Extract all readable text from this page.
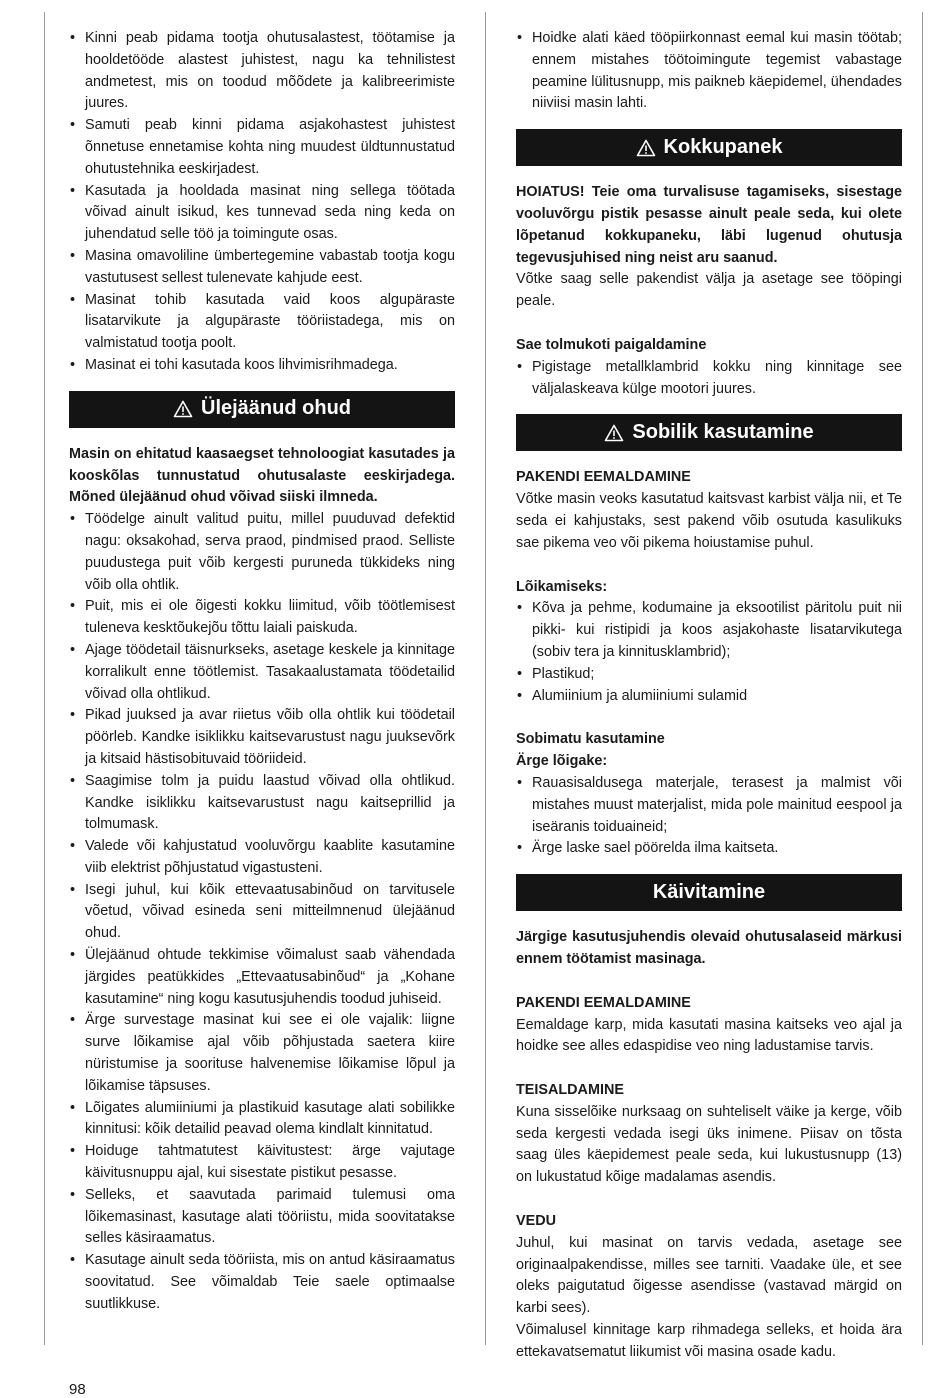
• Kinni peab pidama tootja ohutusalastest, töötamise ja hooldetööde alastest juhistest, nagu ka tehnilistest andmetest, mis on toodud mõõdete ja kalibreerimiste juures.
• Samuti peab kinni pidama asjakohastest juhistest õnnetuse ennetamise kohta ning muudest üldtunnustatud ohutustehnika eeskirjadest.
• Kasutada ja hooldada masinat ning sellega töötada võivad ainult isikud, kes tunnevad seda ning keda on juhendatud selle töö ja toimingute osas.
• Masina omavoliline ümbertegemine vabastab tootja kogu vastutusest sellest tulenevate kahjude eest.
• Masinat tohib kasutada vaid koos algupäraste lisatarvikute ja algupäraste tööriistadega, mis on valmistatud tootja poolt.
• Masinat ei tohi kasutada koos lihvimisrihmadega.
Ülejäänud ohud

Masin on ehitatud kaasaegset tehnoloogiat kasutades ja kooskõlas tunnustatud ohutusalaste eeskirjadega. Mõned ülejäänud ohud võivad siiski ilmneda.

• Töödelge ainult valitud puitu, millel puuduvad defektid nagu: oksakohad, serva praod, pindmised praod. Selliste puudustega puit võib kergesti puruneda tükkideks ning võib olla ohtlik.
• Puit, mis ei ole õigesti kokku liimitud, võib töötlemisest tuleneva kesktõukejõu tõttu laiali paiskuda.
• Ajage töödetail täisnurkseks, asetage keskele ja kinnitage korralikult enne töötlemist. Tasakaalustamata töödetailid võivad olla ohtlikud.
• Pikad juuksed ja avar riietus võib olla ohtlik kui töödetail pöörleb. Kandke isiklikku kaitsevarustust nagu juuksevõrk ja kitsaid hästisobituvaid tööriideid.
• Saagimise tolm ja puidu laastud võivad olla ohtlikud. Kandke isiklikku kaitsevarustust nagu kaitseprillid ja tolmumask.
• Valede või kahjustatud vooluvõrgu kaablite kasutamine viib elektrist põhjustatud vigastusteni.
• Isegi juhul, kui kõik ettevaatusabinõud on tarvitusele võetud, võivad esineda seni mitteilmnenud ülejäänud ohud.
• Ülejäänud ohtude tekkimise võimalust saab vähendada järgides peatükkides „Ettevaatusabinõud“ ja „Kohane kasutamine“ ning kogu kasutusjuhendis toodud juhiseid.
• Ärge survestage masinat kui see ei ole vajalik: liigne surve lõikamise ajal võib põhjustada saetera kiire nüristumise ja soorituse halvenemise lõikamise lõpul ja lõikamise täpsuses.
• Lõigates alumiiniumi ja plastikuid kasutage alati sobilikke kinnitusi: kõik detailid peavad olema kindlalt kinnitatud.
• Hoiduge tahtmatutest käivitustest: ärge vajutage käivitusnuppu ajal, kui sisestate pistikut pesasse.
• Selleks, et saavutada parimaid tulemusi oma lõikemasinast, kasutage alati tööriistu, mida soovitatakse selles käsiraamatus.
• Kasutage ainult seda tööriista, mis on antud käsiraamatus soovitatud. See võimaldab Teie saele optimaalse suutlikkuse.
• Hoidke alati käed tööpiirkonnast eemal kui masin töötab; ennem mistahes töötoimingute tegemist vabastage peamine lülitusnupp, mis paikneb käepidemel, ühendades niiviisi masin lahti.
Kokkupanek

HOIATUS! Teie oma turvalisuse tagamiseks, sisestage vooluvõrgu pistik pesasse ainult peale seda, kui olete lõpetanud kokkupaneku, läbi lugenud ohutusja tegevusjuhised ning neist aru saanud.

Võtke saag selle pakendist välja ja asetage see tööpingi peale.

Sae tolmukoti paigaldamine

• Pigistage metallklambrid kokku ning kinnitage see väljalaskeava külge mootori juures.
Sobilik kasutamine

PAKENDI EEMALDAMINE

Võtke masin veoks kasutatud kaitsvast karbist välja nii, et Te seda ei kahjustaks, sest pakend võib osutuda kasulikuks sae pikema veo või pikema hoiustamise puhul.

Lõikamiseks:

• Kõva ja pehme, kodumaine ja eksootilist päritolu puit nii pikki- kui ristipidi ja koos asjakohaste lisatarvikutega (sobiv tera ja kinnitusklambrid);
• Plastikud;
• Alumiinium ja alumiiniumi sulamid

Sobimatu kasutamine

Ärge lõigake:

• Rauasisaldusega materjale, terasest ja malmist või mistahes muust materjalist, mida pole mainitud eespool ja iseäranis toiduaineid;
• Ärge laske sael pöörelda ilma kaitseta.
Käivitamine

Järgige kasutusjuhendis olevaid ohutusalaseid märkusi ennem töötamist masinaga.

PAKENDI EEMALDAMINE

Eemaldage karp, mida kasutati masina kaitseks veo ajal ja hoidke see alles edaspidise veo ning ladustamise tarvis.

TEISALDAMINE

Kuna sisselõike nurksaag on suhteliselt väike ja kerge, võib seda kergesti vedada isegi üks inimene. Piisav on tõsta saag üles käepidemest peale seda, kui lukustusnupp (13) on lukustatud kõige madalamas asendis.

VEDU

Juhul, kui masinat on tarvis vedada, asetage see originaalpakendisse, milles see tarniti. Vaadake üle, et see oleks paigutatud õigesse asendisse (vastavad märgid on karbi sees).

Võimalusel kinnitage karp rihmadega selleks, et hoida ära ettekavatsematut liikumist või masina osade kadu.

98
